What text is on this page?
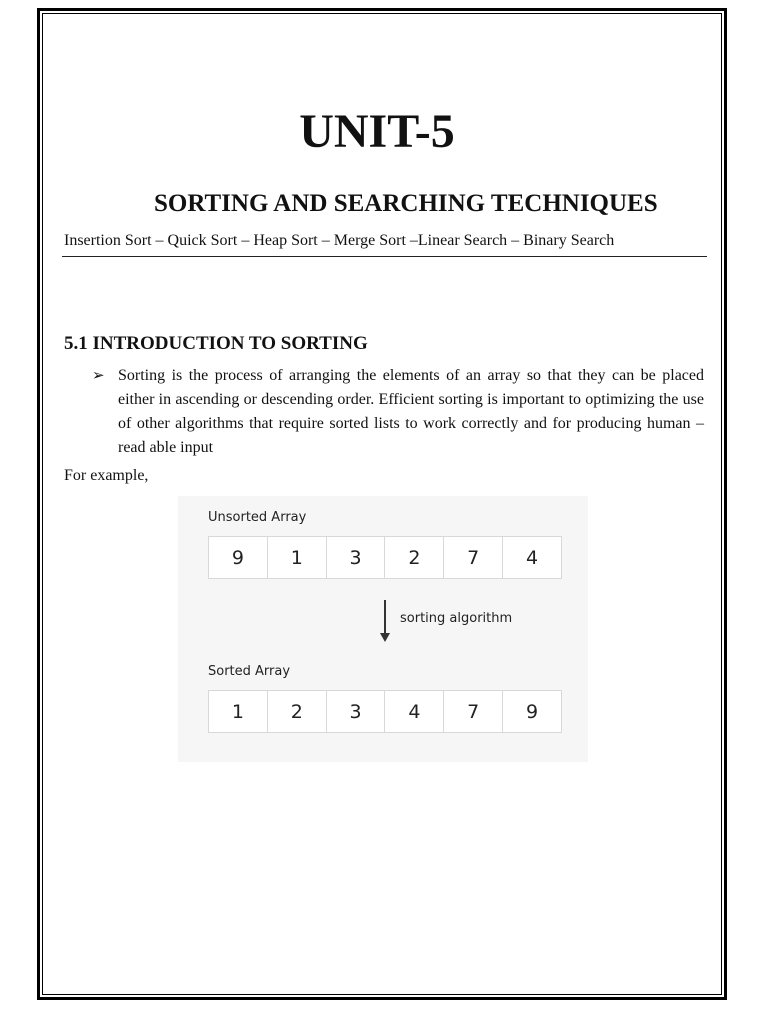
UNIT-5
SORTING AND SEARCHING TECHNIQUES
Insertion Sort – Quick Sort – Heap Sort – Merge Sort –Linear Search – Binary Search
5.1 INTRODUCTION TO SORTING
➢ Sorting is the process of arranging the elements of an array so that they can be placed either in ascending or descending order. Efficient sorting is important to optimizing the use of other algorithms that require sorted lists to work correctly and for producing human – read able input
For example,
Unsorted Array
9	1	3	2	7	4
sorting algorithm
Sorted Array
1	2	3	4	7	9
